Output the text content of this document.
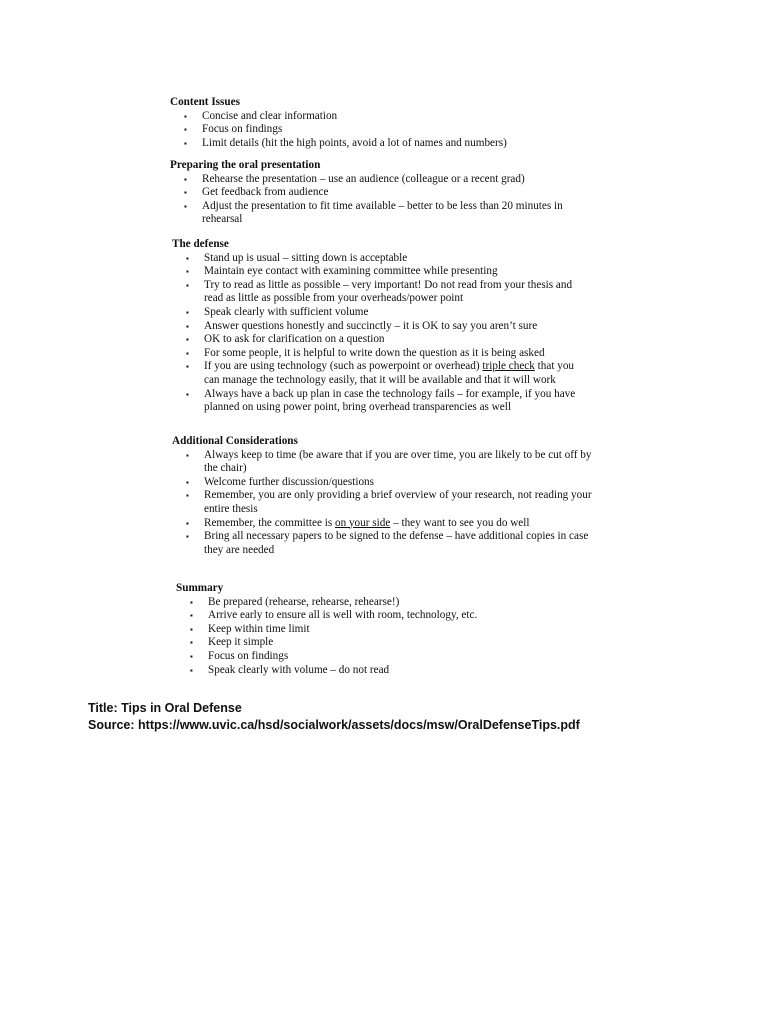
Content Issues
▪ Concise and clear information
▪ Focus on findings
▪ Limit details (hit the high points, avoid a lot of names and numbers)
Preparing the oral presentation
▪ Rehearse the presentation – use an audience (colleague or a recent grad)
▪ Get feedback from audience
▪ Adjust the presentation to fit time available – better to be less than 20 minutes in rehearsal
The defense
▪ Stand up is usual – sitting down is acceptable
▪ Maintain eye contact with examining committee while presenting
▪ Try to read as little as possible – very important! Do not read from your thesis and read as little as possible from your overheads/power point
▪ Speak clearly with sufficient volume
▪ Answer questions honestly and succinctly – it is OK to say you aren’t sure
▪ OK to ask for clarification on a question
▪ For some people, it is helpful to write down the question as it is being asked
▪ If you are using technology (such as powerpoint or overhead) triple check that you can manage the technology easily, that it will be available and that it will work
▪ Always have a back up plan in case the technology fails – for example, if you have planned on using power point, bring overhead transparencies as well
Additional Considerations
▪ Always keep to time (be aware that if you are over time, you are likely to be cut off by the chair)
▪ Welcome further discussion/questions
▪ Remember, you are only providing a brief overview of your research, not reading your entire thesis
▪ Remember, the committee is on your side – they want to see you do well
▪ Bring all necessary papers to be signed to the defense – have additional copies in case they are needed
Summary
▪ Be prepared (rehearse, rehearse, rehearse!)
▪ Arrive early to ensure all is well with room, technology, etc.
▪ Keep within time limit
▪ Keep it simple
▪ Focus on findings
▪ Speak clearly with volume – do not read
Title: Tips in Oral Defense
Source: https://www.uvic.ca/hsd/socialwork/assets/docs/msw/OralDefenseTips.pdf
